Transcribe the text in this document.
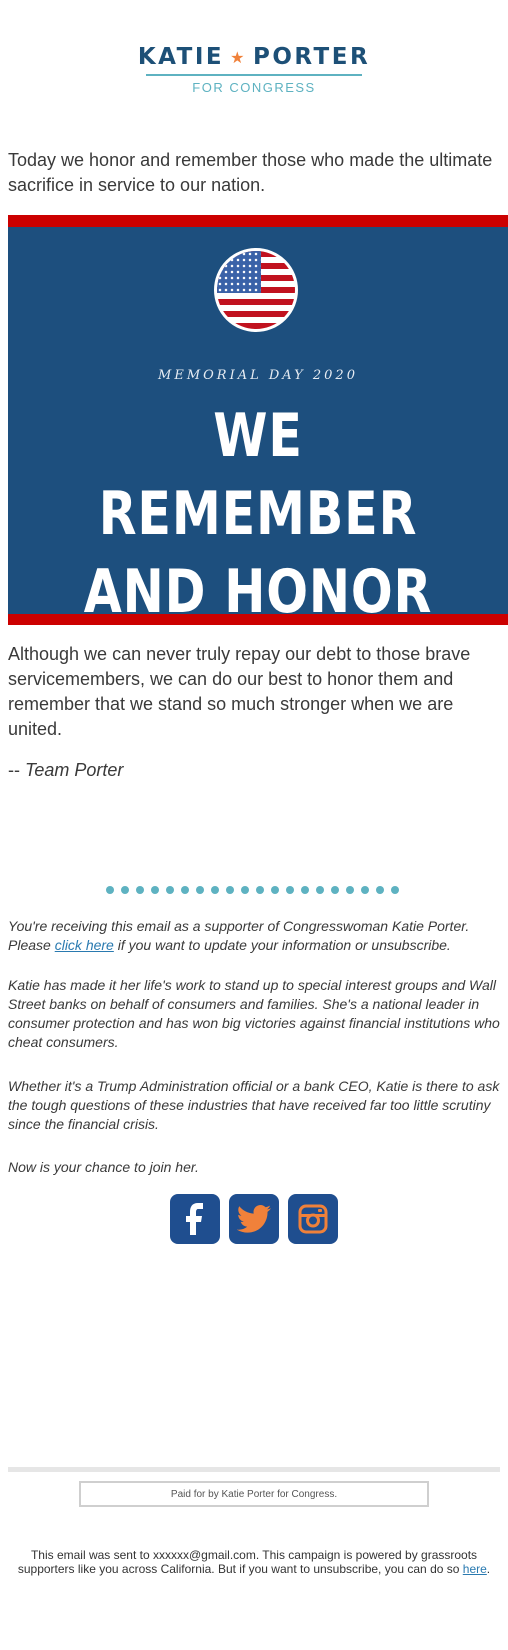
KATIE ★ PORTER
FOR CONGRESS

Today we honor and remember those who made the ultimate sacrifice in service to our nation.

MEMORIAL DAY 2020
WE REMEMBER
AND HONOR

Although we can never truly repay our debt to those brave servicemembers, we can do our best to honor them and remember that we stand so much stronger when we are united.

-- Team Porter

You're receiving this email as a supporter of Congresswoman Katie Porter. Please click here if you want to update your information or unsubscribe.

Katie has made it her life's work to stand up to special interest groups and Wall Street banks on behalf of consumers and families. She's a national leader in consumer protection and has won big victories against financial institutions who cheat consumers.

Whether it's a Trump Administration official or a bank CEO, Katie is there to ask the tough questions of these industries that have received far too little scrutiny since the financial crisis.

Now is your chance to join her.

Paid for by Katie Porter for Congress.

This email was sent to xxxxxx@gmail.com. This campaign is powered by grassroots supporters like you across California. But if you want to unsubscribe, you can do so here.
